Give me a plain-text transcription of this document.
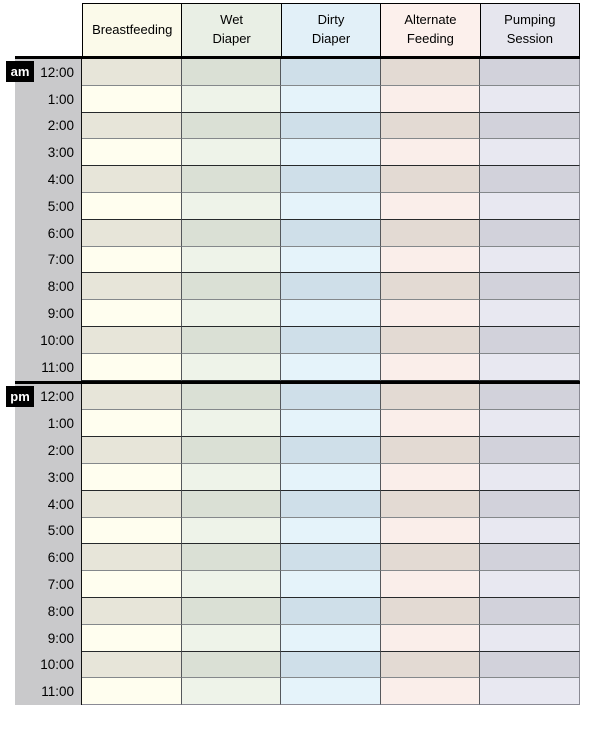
Breastfeeding
Wet
Diaper
Dirty
Diaper
Alternate
Feeding
Pumping
Session
am 12:00
1:00
2:00
3:00
4:00
5:00
6:00
7:00
8:00
9:00
10:00
11:00
pm 12:00
1:00
2:00
3:00
4:00
5:00
6:00
7:00
8:00
9:00
10:00
11:00
